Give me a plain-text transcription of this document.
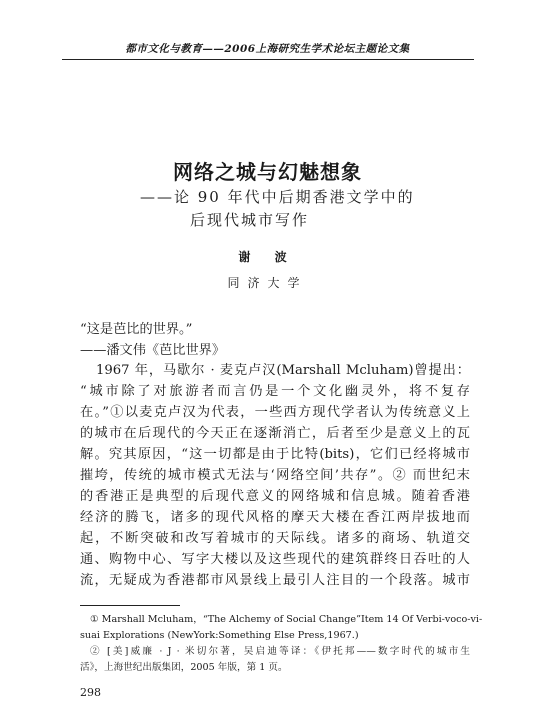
都市文化与教育——2006上海研究生学术论坛主题论文集
网络之城与幻魅想象
——论 90 年代中后期香港文学中的
后现代城市写作
谢 波
同济大学
“这是芭比的世界。”
——潘文伟《芭比世界》
1967 年，马歇尔 · 麦克卢汉(Marshall Mcluham)曾提出：
“城市除了对旅游者而言仍是一个文化幽灵外，将不复存
在。”①以麦克卢汉为代表，一些西方现代学者认为传统意义上
的城市在后现代的今天正在逐渐消亡，后者至少是意义上的瓦
解。究其原因，“这一切都是由于比特(bits)，它们已经将城市
摧垮，传统的城市模式无法与‘网络空间’共存”。② 而世纪末
的香港正是典型的后现代意义的网络城和信息城。随着香港
经济的腾飞，诸多的现代风格的摩天大楼在香江两岸拔地而
起，不断突破和改写着城市的天际线。诸多的商场、轨道交
通、购物中心、写字大楼以及这些现代的建筑群终日吞吐的人
流，无疑成为香港都市风景线上最引人注目的一个段落。城市
① Marshall Mcluham，“The Alchemy of Social Change”Item 14 Of Verbi-voco-vi-
suai Explorations (NewYork:Something Else Press,1967.)
② [美]威廉 · J · 米切尔著，吴启迪等译：《伊托邦——数字时代的城市生
活》，上海世纪出版集团，2005 年版，第 1 页。
298
